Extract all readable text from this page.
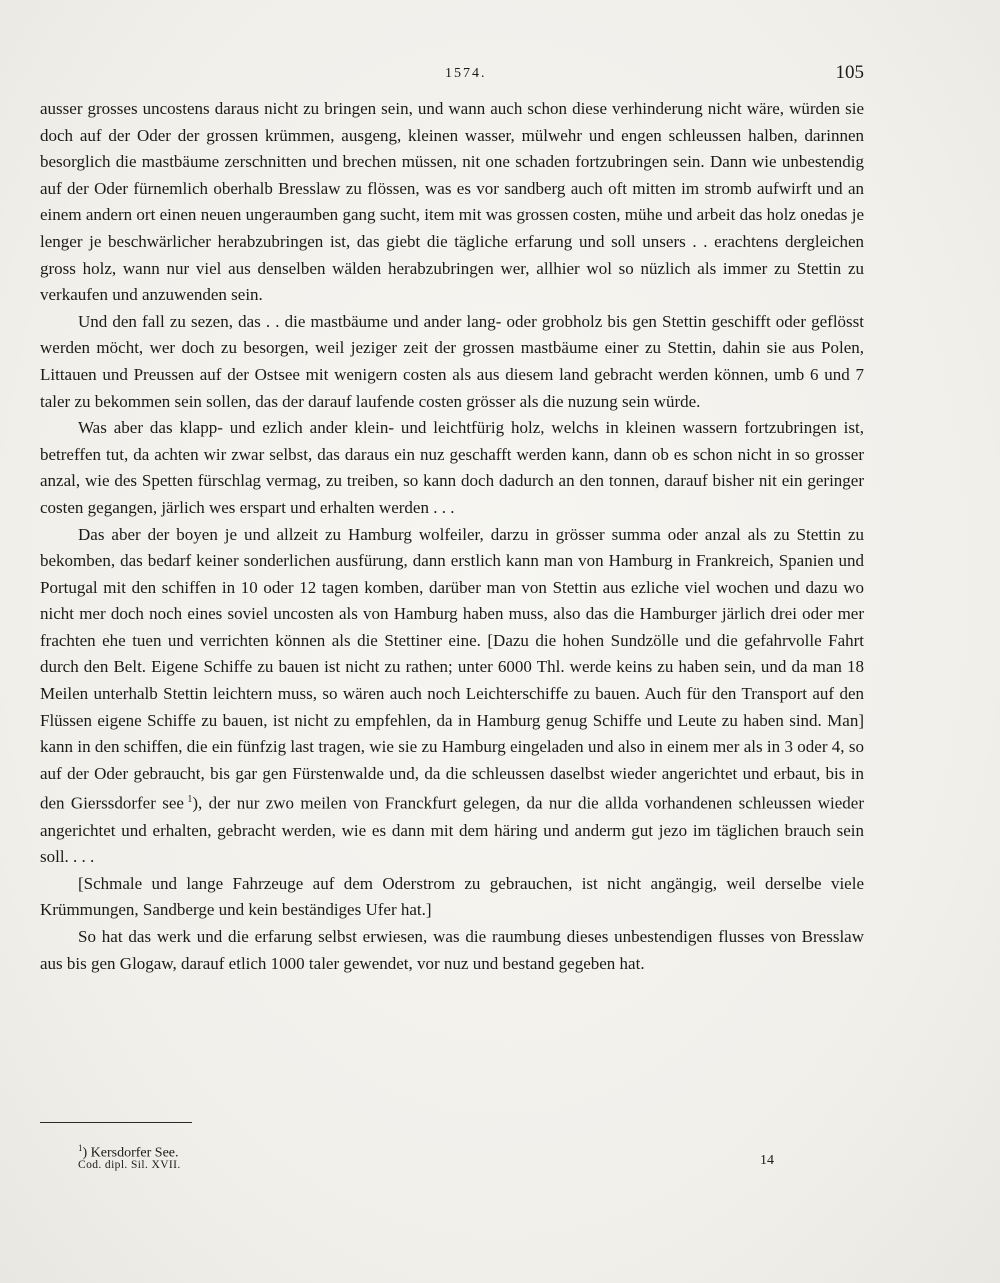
1574.	105

ausser grosses uncostens daraus nicht zu bringen sein, und wann auch schon diese verhinderung nicht wäre, würden sie doch auf der Oder der grossen krümmen, ausgeng, kleinen wasser, mülwehr und engen schleussen halben, darinnen besorglich die mastbäume zerschnitten und brechen müssen, nit one schaden fortzubringen sein. Dann wie unbestendig auf der Oder fürnemlich oberhalb Bresslaw zu flössen, was es vor sandberg auch oft mitten im stromb aufwirft und an einem andern ort einen neuen ungeraumben gang sucht, item mit was grossen costen, mühe und arbeit das holz onedas je lenger je beschwärlicher herabzubringen ist, das giebt die tägliche erfarung und soll unsers . . erachtens dergleichen gross holz, wann nur viel aus denselben wälden herabzubringen wer, allhier wol so nüzlich als immer zu Stettin zu verkaufen und anzuwenden sein.

Und den fall zu sezen, das . . die mastbäume und ander lang- oder grobholz bis gen Stettin geschifft oder geflösst werden möcht, wer doch zu besorgen, weil jeziger zeit der grossen mastbäume einer zu Stettin, dahin sie aus Polen, Littauen und Preussen auf der Ostsee mit wenigern costen als aus diesem land gebracht werden können, umb 6 und 7 taler zu bekommen sein sollen, das der darauf laufende costen grösser als die nuzung sein würde.

Was aber das klapp- und ezlich ander klein- und leichtfürig holz, welchs in kleinen wassern fortzubringen ist, betreffen tut, da achten wir zwar selbst, das daraus ein nuz geschafft werden kann, dann ob es schon nicht in so grosser anzal, wie des Spetten fürschlag vermag, zu treiben, so kann doch dadurch an den tonnen, darauf bisher nit ein geringer costen gegangen, järlich wes erspart und erhalten werden . . .

Das aber der boyen je und allzeit zu Hamburg wolfeiler, darzu in grösser summa oder anzal als zu Stettin zu bekomben, das bedarf keiner sonderlichen ausfürung, dann erstlich kann man von Hamburg in Frankreich, Spanien und Portugal mit den schiffen in 10 oder 12 tagen komben, darüber man von Stettin aus ezliche viel wochen und dazu wo nicht mer doch noch eines soviel uncosten als von Hamburg haben muss, also das die Hamburger järlich drei oder mer frachten ehe tuen und verrichten können als die Stettiner eine. [Dazu die hohen Sundzölle und die gefahrvolle Fahrt durch den Belt. Eigene Schiffe zu bauen ist nicht zu rathen; unter 6000 Thl. werde keins zu haben sein, und da man 18 Meilen unterhalb Stettin leichtern muss, so wären auch noch Leichterschiffe zu bauen. Auch für den Transport auf den Flüssen eigene Schiffe zu bauen, ist nicht zu empfehlen, da in Hamburg genug Schiffe und Leute zu haben sind. Man] kann in den schiffen, die ein fünfzig last tragen, wie sie zu Hamburg eingeladen und also in einem mer als in 3 oder 4, so auf der Oder gebraucht, bis gar gen Fürstenwalde und, da die schleussen daselbst wieder angerichtet und erbaut, bis in den Gierssdorfer see  $^1$), der nur zwo meilen von Franckfurt gelegen, da nur die allda vorhandenen schleussen wieder angerichtet und erhalten, gebracht werden, wie es dann mit dem häring und anderm gut jezo im täglichen brauch sein soll. . . .

[Schmale und lange Fahrzeuge auf dem Oderstrom zu gebrauchen, ist nicht angängig, weil derselbe viele Krümmungen, Sandberge und kein beständiges Ufer hat.]

So hat das werk und die erfarung selbst erwiesen, was die raumbung dieses unbestendigen flusses von Bresslaw aus bis gen Glogaw, darauf etlich 1000 taler gewendet, vor nuz und bestand gegeben hat.

$^1$) Kersdorfer See.
Cod. dipl. Sil. XVII.	14
